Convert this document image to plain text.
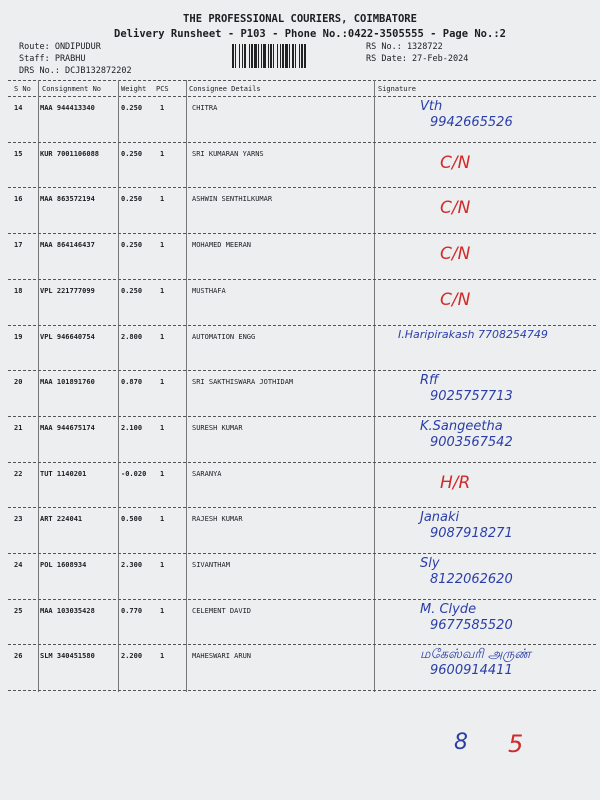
THE PROFESSIONAL COURIERS, COIMBATORE
Delivery Runsheet - P103 - Phone No.:0422-3505555 - Page No.:2
Route: ONDIPUDUR
Staff: PRABHU
DRS No.: DCJB132872202
RS No.: 1328722
RS Date: 27-Feb-2024
S No Consignment No	Weight PCS	Consignee Details	Signature
14	MAA 944413340	0.250	1	CHITRA	Vth
9942665526
15	KUR 7001106088	0.250	1	SRI KUMARAN YARNS	C/N
16	MAA 863572194	0.250	1	ASHWIN SENTHILKUMAR	C/N
17	MAA 864146437	0.250	1	MOHAMED MEERAN	C/N
18	VPL 221777099	0.250	1	MUSTHAFA	C/N
19	VPL 946640754	2.800	1	AUTOMATION ENGG	I.Haripirakash 7708254749
20	MAA 101891760	0.870	1	SRI SAKTHISWARA JOTHIDAM	Rff
9025757713
21	MAA 944675174	2.100	1	SURESH KUMAR	K.Sangeetha
9003567542
22	TUT 1140201	-0.020 1	SARANYA	H/R
23	ART 224041	0.500	1	RAJESH KUMAR	Janaki
9087918271
24	POL 1608934	2.300	1	SIVANTHAM	Sly
8122062620
25	MAA 103035428	0.770	1	CELEMENT DAVID	M. Clyde
9677585520
26	SLM 340451580	2.200	1	MAHESWARI ARUN	மகேஸ்வரி அருண்
9600914411
8 5
